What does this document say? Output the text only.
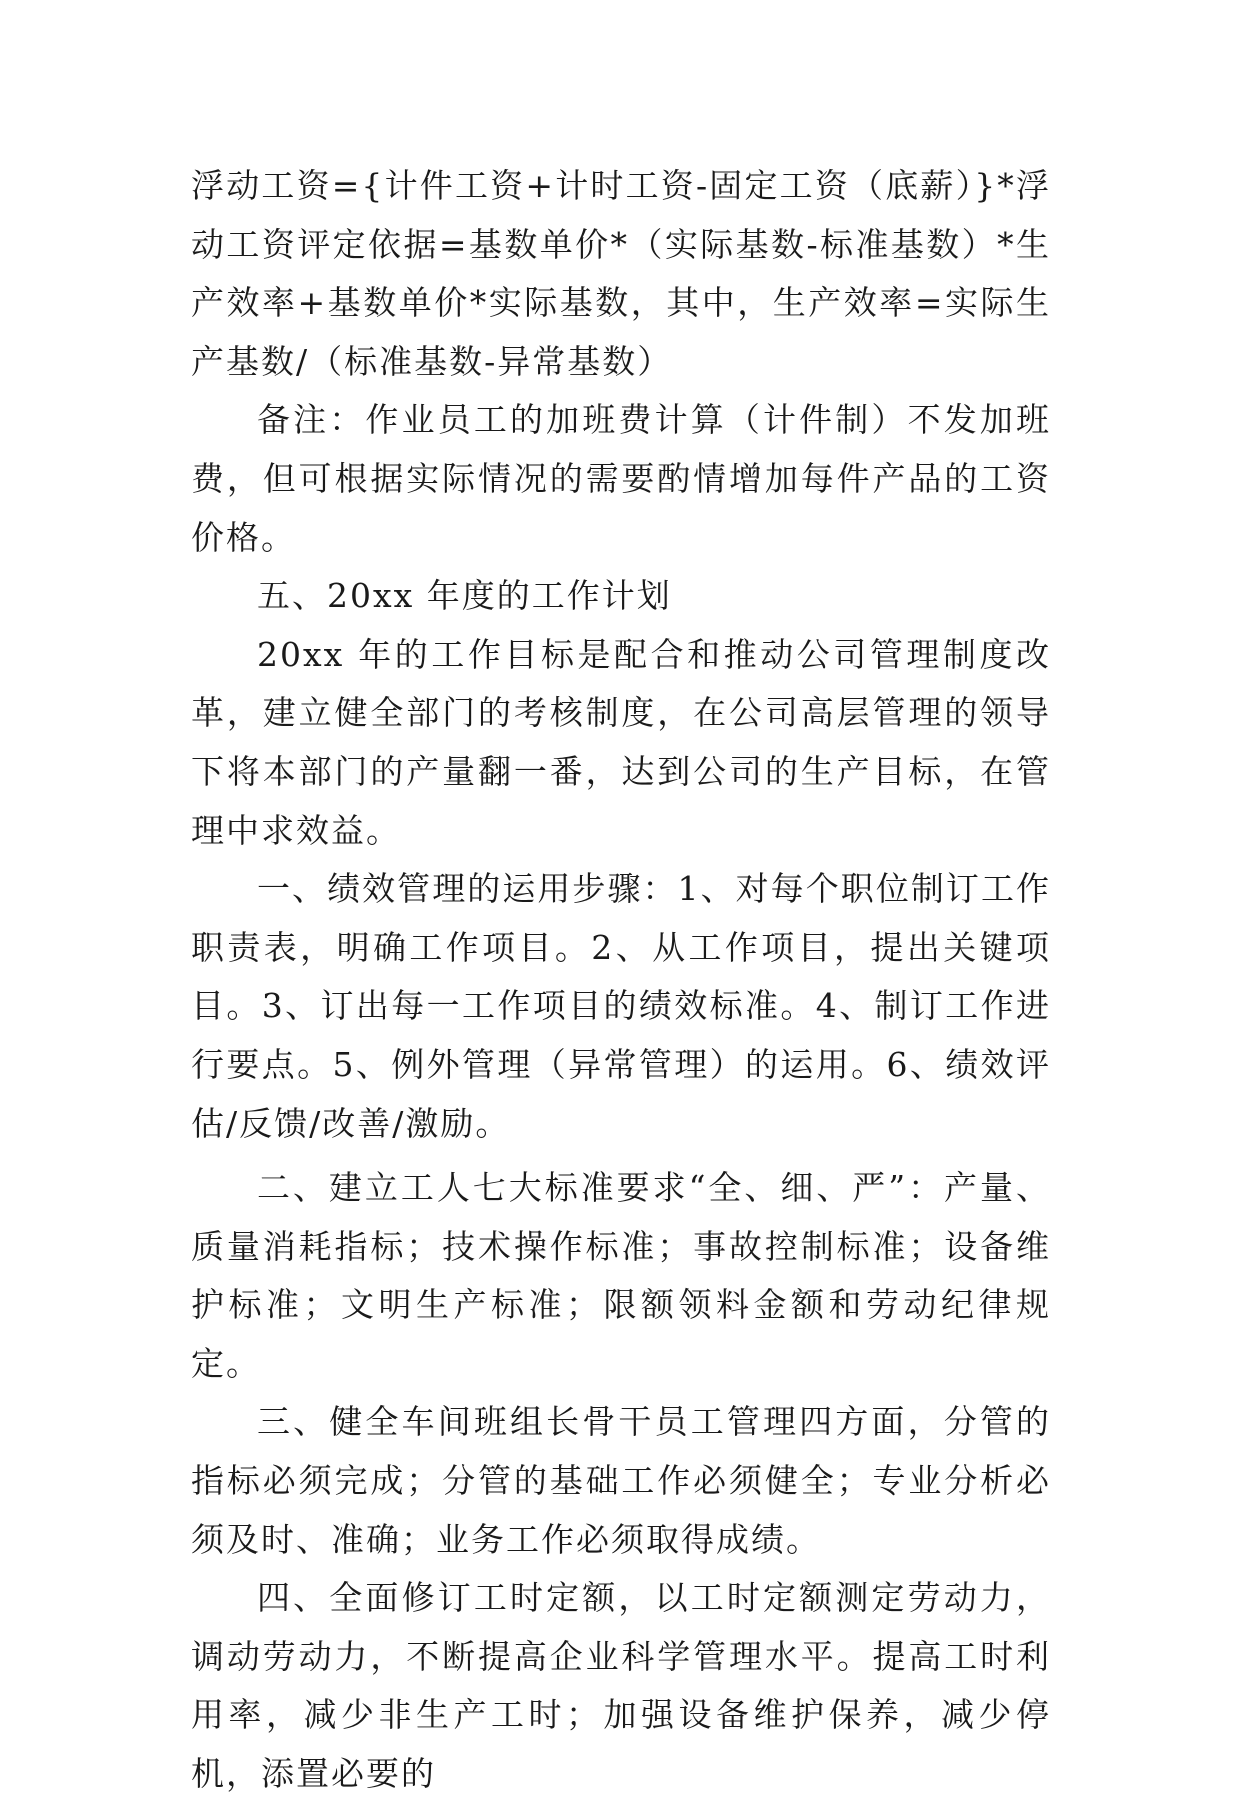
浮动工资={计件工资+计时工资-固定工资（底薪）}*浮动工资评定依据=基数单价*（实际基数-标准基数）*生产效率+基数单价*实际基数，其中，生产效率=实际生产基数/（标准基数-异常基数）

备注：作业员工的加班费计算（计件制）不发加班费，但可根据实际情况的需要酌情增加每件产品的工资价格。

五、20xx 年度的工作计划

20xx 年的工作目标是配合和推动公司管理制度改革，建立健全部门的考核制度，在公司高层管理的领导下将本部门的产量翻一番，达到公司的生产目标，在管理中求效益。

一、绩效管理的运用步骤：1、对每个职位制订工作职责表，明确工作项目。2、从工作项目，提出关键项目。3、订出每一工作项目的绩效标准。4、制订工作进行要点。5、例外管理（异常管理）的运用。6、绩效评估/反馈/改善/激励。

二、建立工人七大标准要求“全、细、严”：产量、质量消耗指标；技术操作标准；事故控制标准；设备维护标准；文明生产标准；限额领料金额和劳动纪律规定。

三、健全车间班组长骨干员工管理四方面，分管的指标必须完成；分管的基础工作必须健全；专业分析必须及时、准确；业务工作必须取得成绩。

四、全面修订工时定额，以工时定额测定劳动力，调动劳动力，不断提高企业科学管理水平。提高工时利用率，减少非生产工时；加强设备维护保养，减少停机，添置必要的
